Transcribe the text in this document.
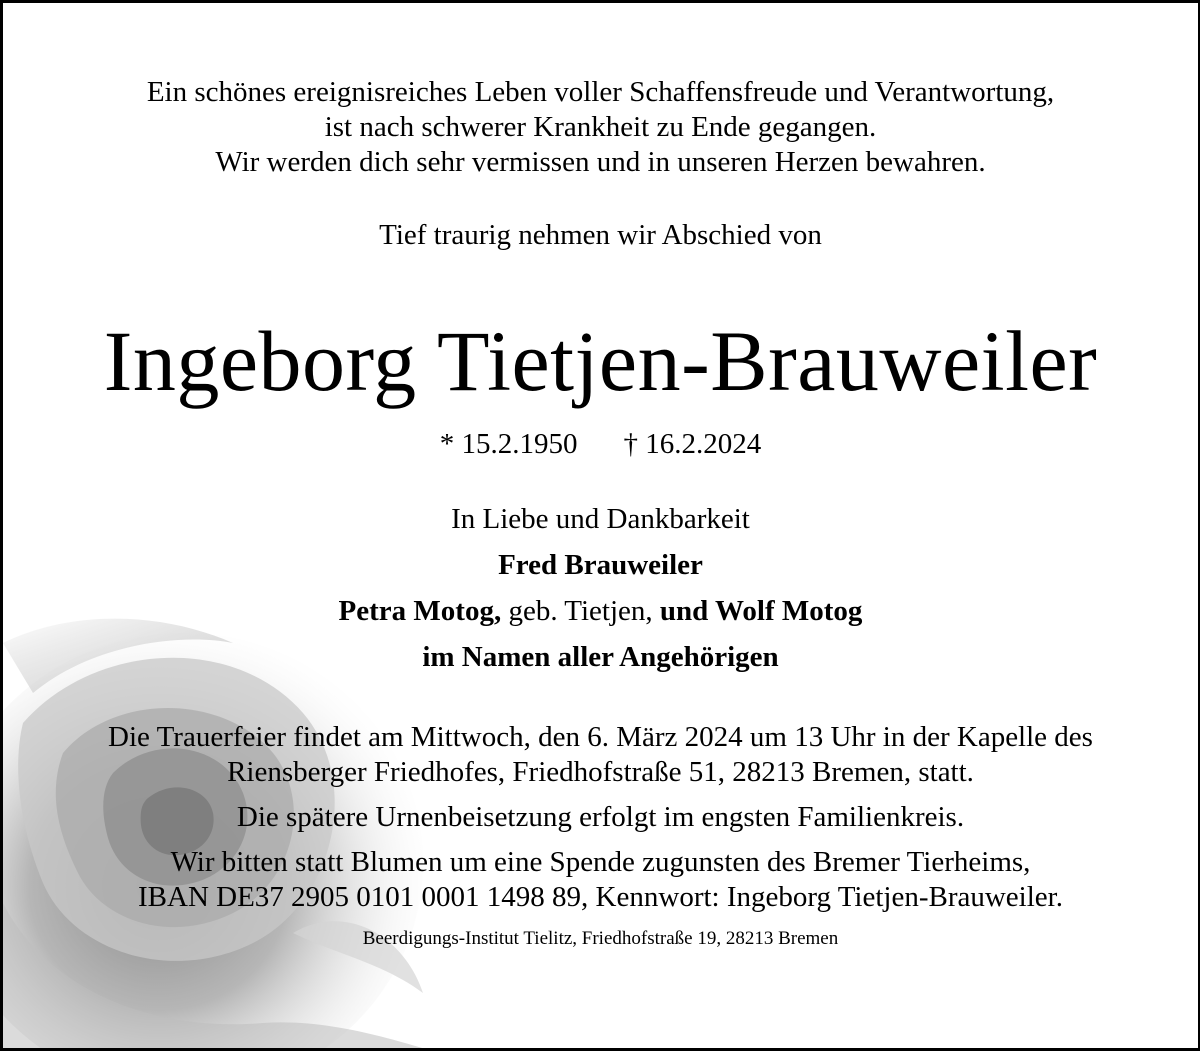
Ein schönes ereignisreiches Leben voller Schaffensfreude und Verantwortung,

ist nach schwerer Krankheit zu Ende gegangen.

Wir werden dich sehr vermissen und in unseren Herzen bewahren.

Tief traurig nehmen wir Abschied von
Ingeborg Tietjen-Brauweiler
* 15.2.1950 † 16.2.2024

In Liebe und Dankbarkeit

Fred Brauweiler

Petra Motog, geb. Tietjen, und Wolf Motog

im Namen aller Angehörigen

Die Trauerfeier findet am Mittwoch, den 6. März 2024 um 13 Uhr in der Kapelle des

Riensberger Friedhofes, Friedhofstraße 51, 28213 Bremen, statt.

Die spätere Urnenbeisetzung erfolgt im engsten Familienkreis.

Wir bitten statt Blumen um eine Spende zugunsten des Bremer Tierheims,

IBAN DE37 2905 0101 0001 1498 89, Kennwort: Ingeborg Tietjen-Brauweiler.

Beerdigungs-Institut Tielitz, Friedhofstraße 19, 28213 Bremen
